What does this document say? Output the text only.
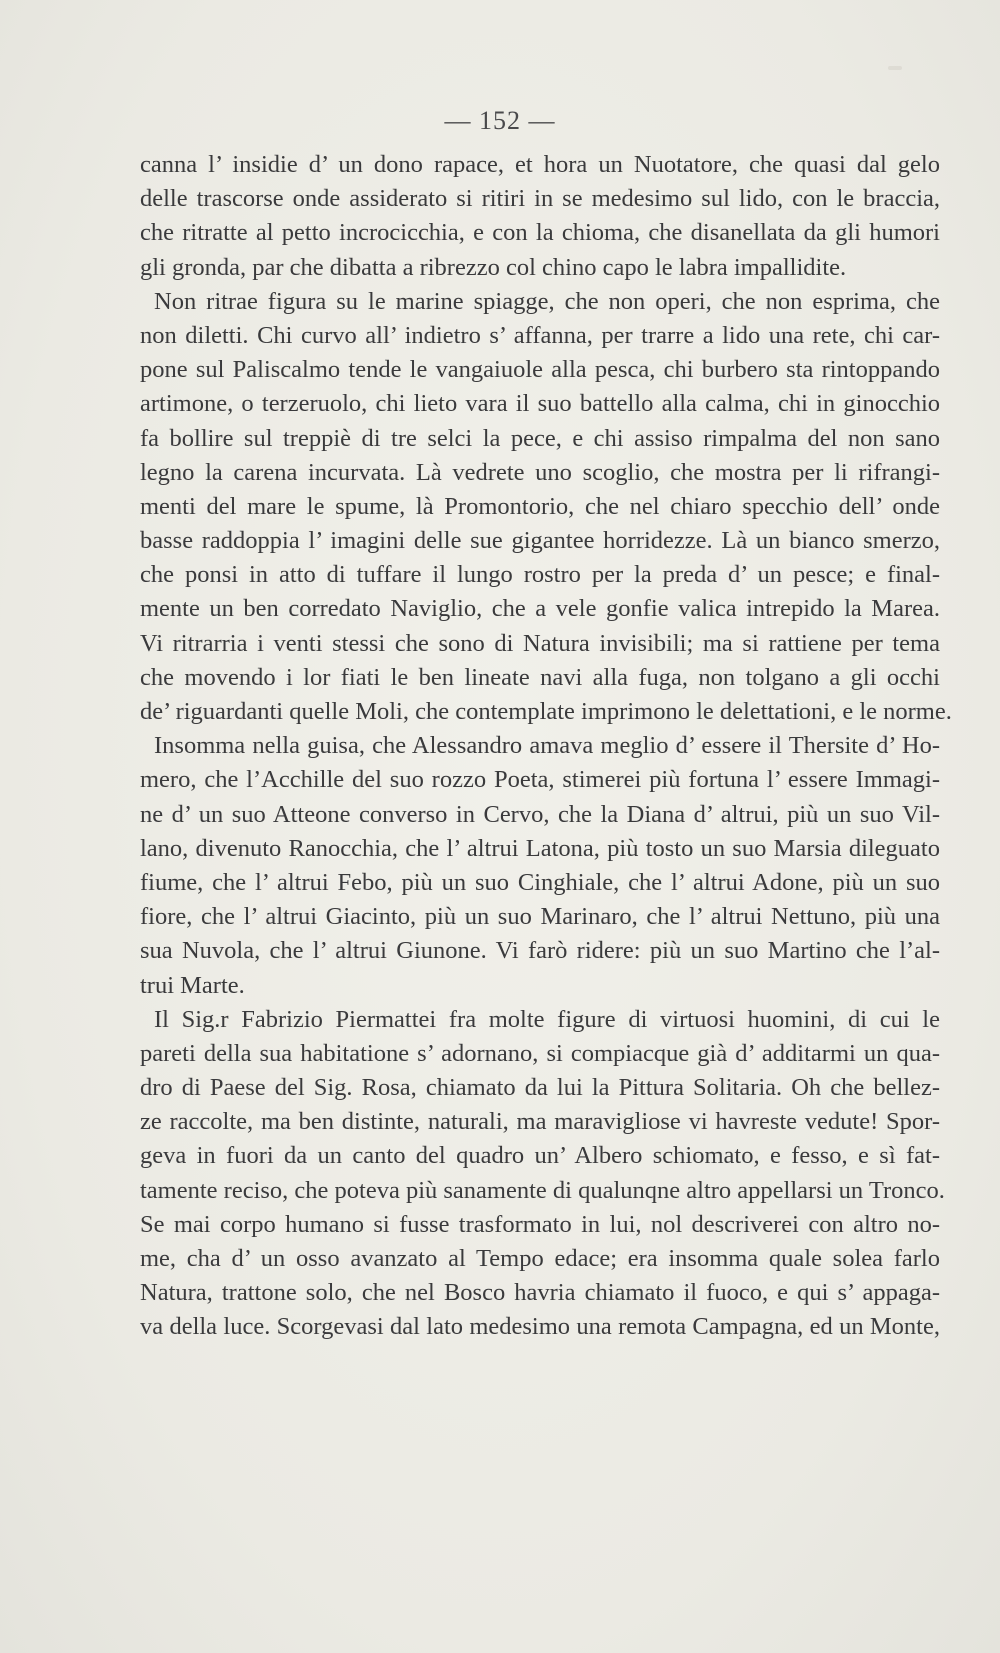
— 152 —
canna l’ insidie d’ un dono rapace, et hora un Nuotatore, che quasi dal gelo
delle trascorse onde assiderato si ritiri in se medesimo sul lido, con le braccia,
che ritratte al petto incrocicchia, e con la chioma, che disanellata da gli humori
gli gronda, par che dibatta a ribrezzo col chino capo le labra impallidite.
Non ritrae figura su le marine spiagge, che non operi, che non esprima, che
non diletti. Chi curvo all’ indietro s’ affanna, per trarre a lido una rete, chi car-
pone sul Paliscalmo tende le vangaiuole alla pesca, chi burbero sta rintoppando
artimone, o terzeruolo, chi lieto vara il suo battello alla calma, chi in ginocchio
fa bollire sul treppiè di tre selci la pece, e chi assiso rimpalma del non sano
legno la carena incurvata. Là vedrete uno scoglio, che mostra per li rifrangi-
menti del mare le spume, là Promontorio, che nel chiaro specchio dell’ onde
basse raddoppia l’ imagini delle sue gigantee horridezze. Là un bianco smerzo,
che ponsi in atto di tuffare il lungo rostro per la preda d’ un pesce; e final-
mente un ben corredato Naviglio, che a vele gonfie valica intrepido la Marea.
Vi ritrarria i venti stessi che sono di Natura invisibili; ma si rattiene per tema
che movendo i lor fiati le ben lineate navi alla fuga, non tolgano a gli occhi
de’ riguardanti quelle Moli, che contemplate imprimono le delettationi, e le norme.
Insomma nella guisa, che Alessandro amava meglio d’ essere il Thersite d’ Ho-
mero, che l’Acchille del suo rozzo Poeta, stimerei più fortuna l’ essere Immagi-
ne d’ un suo Atteone converso in Cervo, che la Diana d’ altrui, più un suo Vil-
lano, divenuto Ranocchia, che l’ altrui Latona, più tosto un suo Marsia dileguato
fiume, che l’ altrui Febo, più un suo Cinghiale, che l’ altrui Adone, più un suo
fiore, che l’ altrui Giacinto, più un suo Marinaro, che l’ altrui Nettuno, più una
sua Nuvola, che l’ altrui Giunone. Vi farò ridere: più un suo Martino che l’al-
trui Marte.
Il Sig.r Fabrizio Piermattei fra molte figure di virtuosi huomini, di cui le
pareti della sua habitatione s’ adornano, si compiacque già d’ additarmi un qua-
dro di Paese del Sig. Rosa, chiamato da lui la Pittura Solitaria. Oh che bellez-
ze raccolte, ma ben distinte, naturali, ma maravigliose vi havreste vedute! Spor-
geva in fuori da un canto del quadro un’ Albero schiomato, e fesso, e sì fat-
tamente reciso, che poteva più sanamente di qualunqne altro appellarsi un Tronco.
Se mai corpo humano si fusse trasformato in lui, nol descriverei con altro no-
me, cha d’ un osso avanzato al Tempo edace; era insomma quale solea farlo
Natura, trattone solo, che nel Bosco havria chiamato il fuoco, e qui s’ appaga-
va della luce. Scorgevasi dal lato medesimo una remota Campagna, ed un Monte,
